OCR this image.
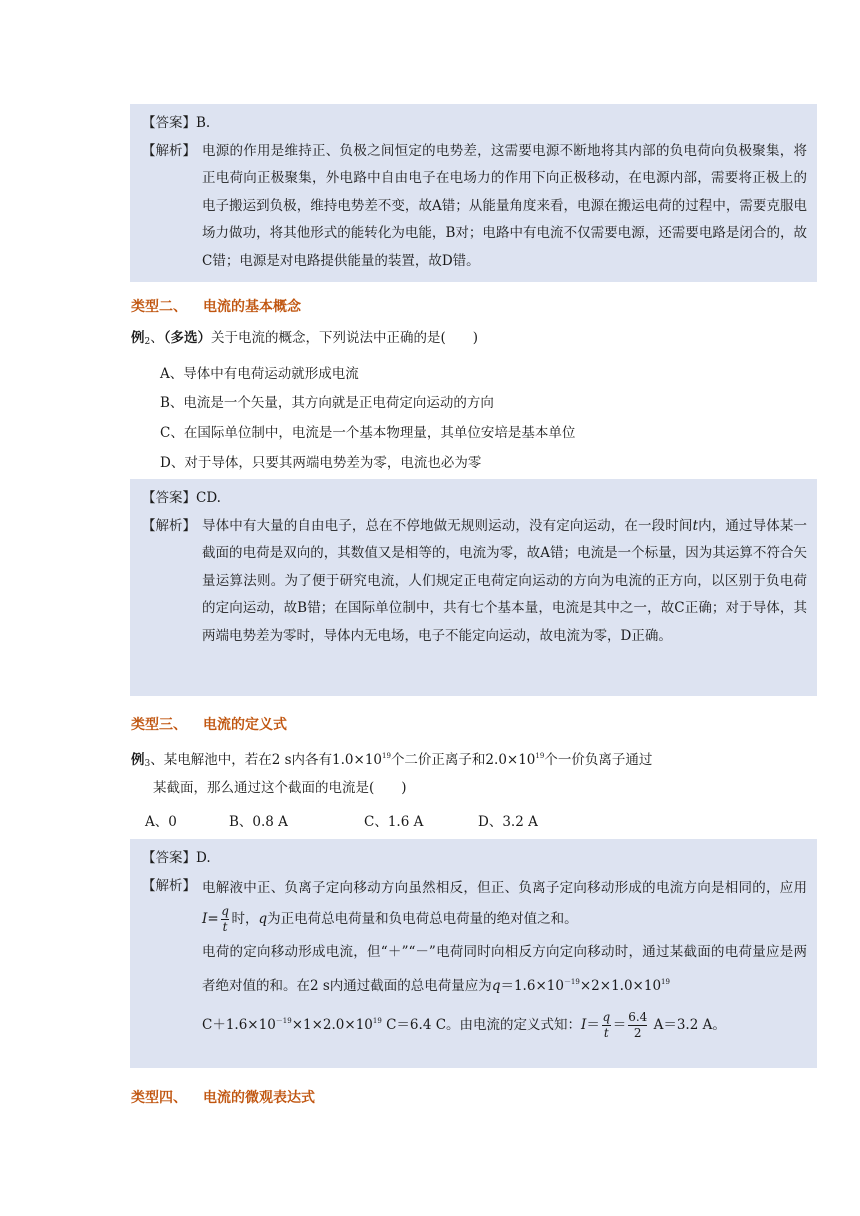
【答案】B.
【解析】 电源的作用是维持正、负极之间恒定的电势差，这需要电源不断地将其内部的负电荷向负极聚集，将正电荷向正极聚集，外电路中自由电子在电场力的作用下向正极移动，在电源内部，需要将正极上的电子搬运到负极，维持电势差不变，故A错；从能量角度来看，电源在搬运电荷的过程中，需要克服电场力做功，将其他形式的能转化为电能，B对；电路中有电流不仅需要电源，还需要电路是闭合的，故C错；电源是对电路提供能量的装置，故D错。
类型二、 电流的基本概念
例$_2$、（多选）关于电流的概念，下列说法中正确的是(　　)
A、导体中有电荷运动就形成电流
B、电流是一个矢量，其方向就是正电荷定向运动的方向
C、在国际单位制中，电流是一个基本物理量，其单位安培是基本单位
D、对于导体，只要其两端电势差为零，电流也必为零
【答案】CD.
【解析】 导体中有大量的自由电子，总在不停地做无规则运动，没有定向运动，在一段时间t内，通过导体某一截面的电荷是双向的，其数值又是相等的，电流为零，故A错；电流是一个标量，因为其运算不符合矢量运算法则。为了便于研究电流，人们规定正电荷定向运动的方向为电流的正方向，以区别于负电荷的定向运动，故B错；在国际单位制中，共有七个基本量，电流是其中之一，故C正确；对于导体，其两端电势差为零时，导体内无电场，电子不能定向运动，故电流为零，D正确。
类型三、 电流的定义式
例$_3$、某电解池中，若在2 s内各有$1.0\times 10^{19}$个二价正离子和$2.0\times 10^{19}$个一价负离子通过
某截面，那么通过这个截面的电流是(　　)
A、0	B、0.8 A	C、1.6 A	D、3.2 A
【答案】D.
【解析】 电解液中正、负离子定向移动方向虽然相反，但正、负离子定向移动形成的电流方向是相同的，应用 $I= \frac{q}{t}$ 时，q为正电荷总电荷量和负电荷总电荷量的绝对值之和。
电荷的定向移动形成电流，但“＋”“－”电荷同时向相反方向定向移动时，通过某截面的电荷量应是两者绝对值的和。在2 s内通过截面的总电荷量应为$q=1.6\times 10^{-19}\times 2\times 1.0\times 10^{19}$
$C+1.6\times 10^{-19}\times 1\times 2.0\times 10^{19}$ C＝6.4 C。由电流的定义式知：$I= \frac{q}{t} = \frac{6.4}{2} A=3.2$ A。
类型四、 电流的微观表达式
